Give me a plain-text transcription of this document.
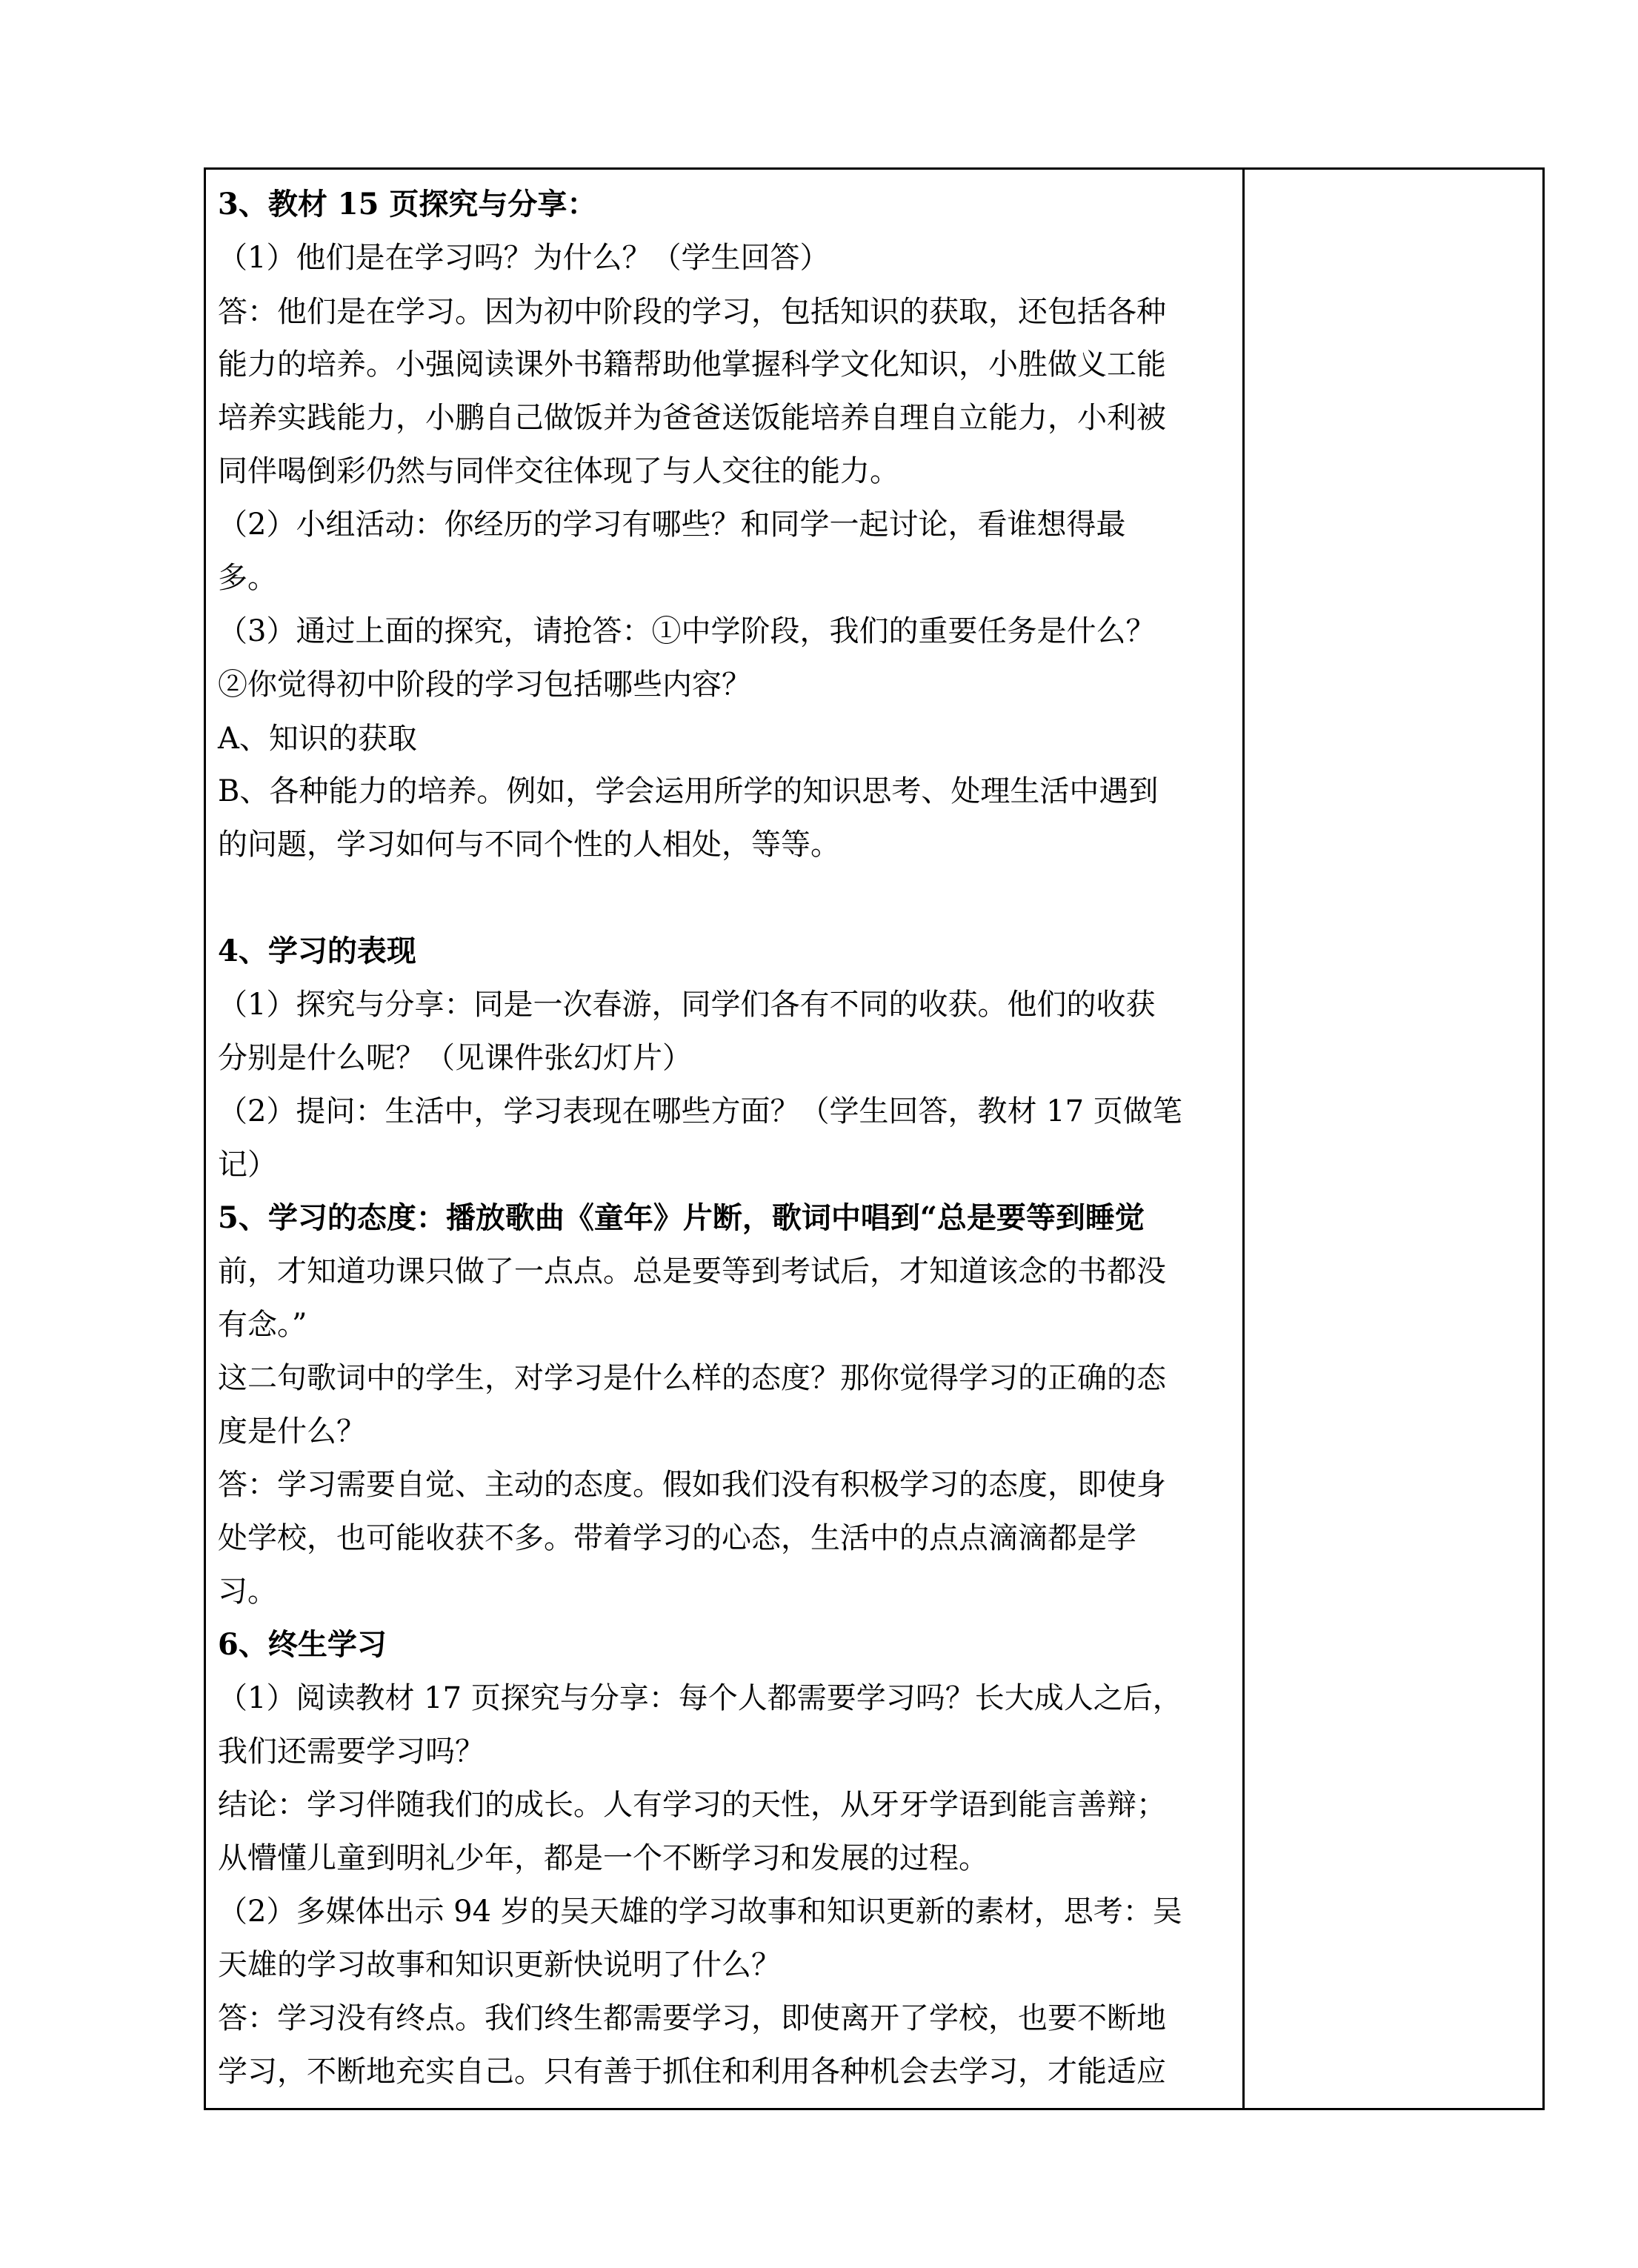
3、教材 15 页探究与分享：
（1）他们是在学习吗？为什么？（学生回答）
答：他们是在学习。因为初中阶段的学习，包括知识的获取，还包括各种
能力的培养。小强阅读课外书籍帮助他掌握科学文化知识，小胜做义工能
培养实践能力，小鹏自己做饭并为爸爸送饭能培养自理自立能力，小利被
同伴喝倒彩仍然与同伴交往体现了与人交往的能力。
（2）小组活动：你经历的学习有哪些？和同学一起讨论，看谁想得最
多。
（3）通过上面的探究，请抢答：①中学阶段，我们的重要任务是什么？
②你觉得初中阶段的学习包括哪些内容？
A、知识的获取
B、各种能力的培养。例如，学会运用所学的知识思考、处理生活中遇到
的问题，学习如何与不同个性的人相处，等等。
4、学习的表现
（1）探究与分享：同是一次春游，同学们各有不同的收获。他们的收获
分别是什么呢？（见课件张幻灯片）
（2）提问：生活中，学习表现在哪些方面？（学生回答，教材 17 页做笔
记）
5、学习的态度：播放歌曲《童年》片断，歌词中唱到“总是要等到睡觉
前，才知道功课只做了一点点。总是要等到考试后，才知道该念的书都没
有念。”
这二句歌词中的学生，对学习是什么样的态度？那你觉得学习的正确的态
度是什么？
答：学习需要自觉、主动的态度。假如我们没有积极学习的态度，即使身
处学校，也可能收获不多。带着学习的心态，生活中的点点滴滴都是学
习。
6、终生学习
（1）阅读教材 17 页探究与分享：每个人都需要学习吗？长大成人之后，
我们还需要学习吗？
结论：学习伴随我们的成长。人有学习的天性，从牙牙学语到能言善辩；
从懵懂儿童到明礼少年，都是一个不断学习和发展的过程。
（2）多媒体出示 94 岁的吴天雄的学习故事和知识更新的素材，思考：吴
天雄的学习故事和知识更新快说明了什么？
答：学习没有终点。我们终生都需要学习，即使离开了学校，也要不断地
学习，不断地充实自己。只有善于抓住和利用各种机会去学习，才能适应
